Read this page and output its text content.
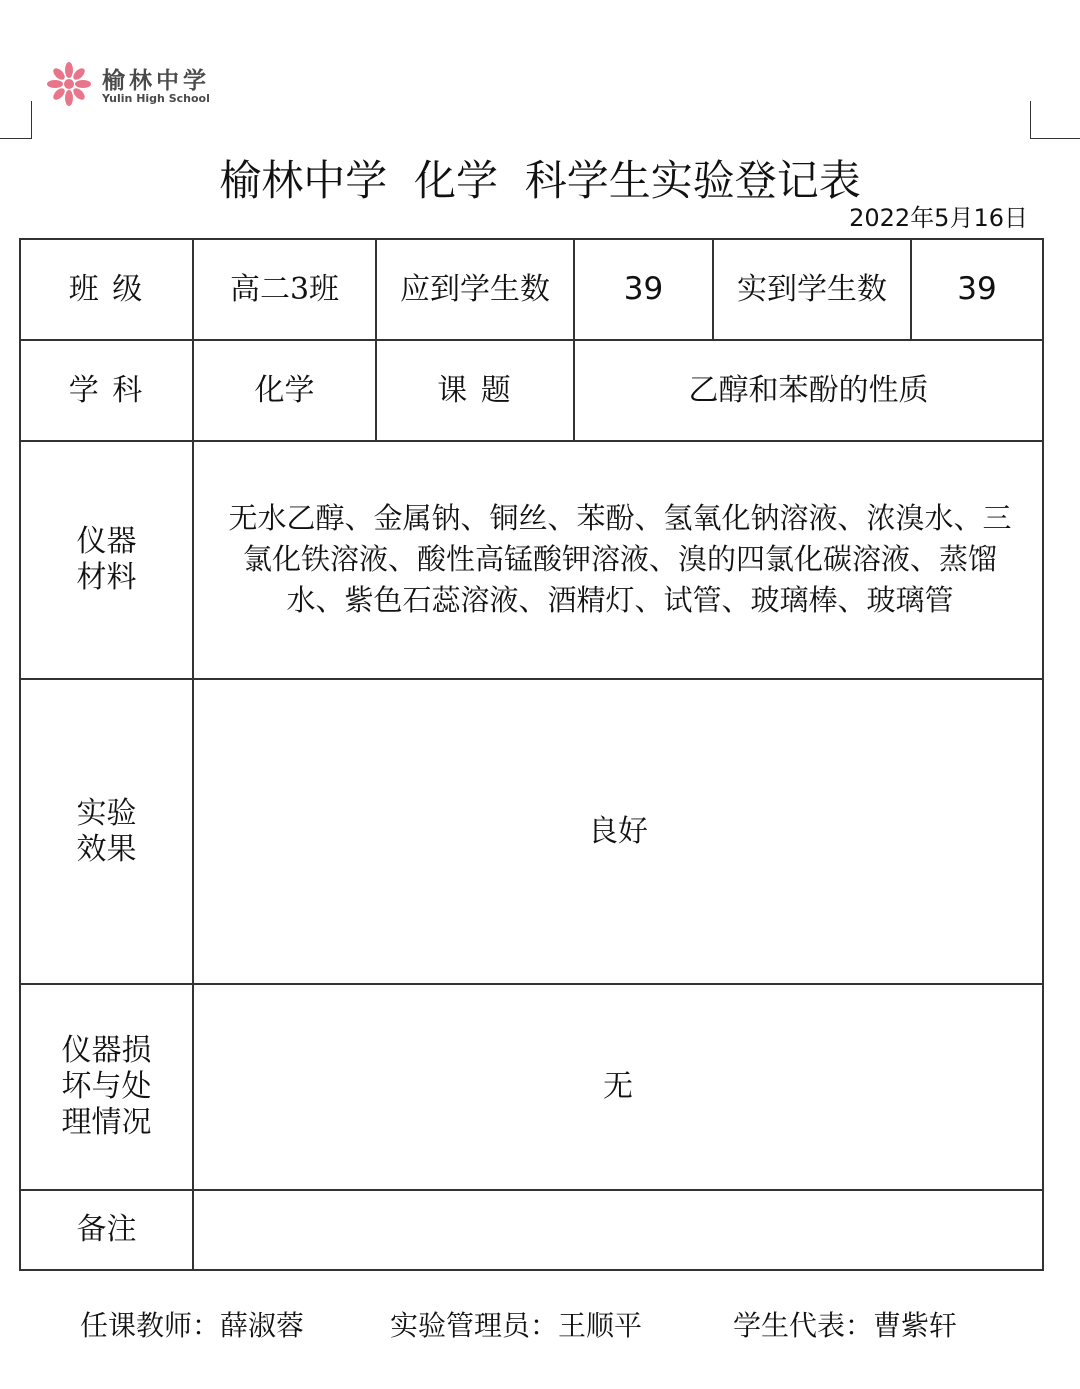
榆林中学
Yulin High School
榆林中学  化学  科学生实验登记表
2022年5月16日
班 级	高二3班	应到学生数	39	实到学生数	39
学 科	化学	课 题	乙醇和苯酚的性质		

仪器
材料	无水乙醇、金属钠、铜丝、苯酚、氢氧化钠溶液、浓溴水、三氯化铁溶液、酸性高锰酸钾溶液、溴的四氯化碳溶液、蒸馏水、紫色石蕊溶液、酒精灯、试管、玻璃棒、玻璃管				

实验
效果	良好				

仪器损
坏与处
理情况	无				
备注					
任课教师：薛淑蓉	实验管理员：王顺平	学生代表：曹紫轩
